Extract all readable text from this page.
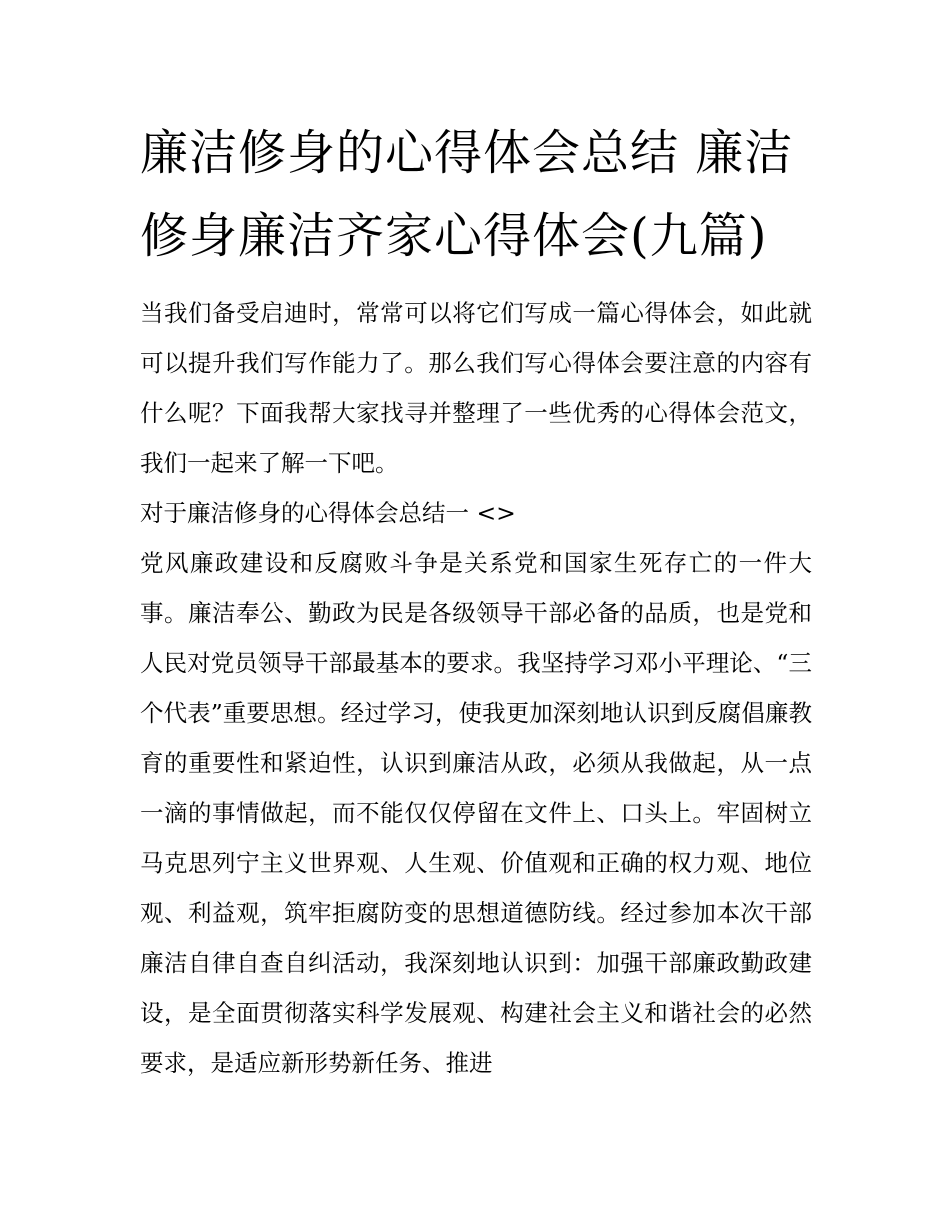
廉洁修身的心得体会总结 廉洁修身廉洁齐家心得体会(九篇)

当我们备受启迪时，常常可以将它们写成一篇心得体会，如此就可以提升我们写作能力了。那么我们写心得体会要注意的内容有什么呢？下面我帮大家找寻并整理了一些优秀的心得体会范文，我们一起来了解一下吧。

对于廉洁修身的心得体会总结一 <>

党风廉政建设和反腐败斗争是关系党和国家生死存亡的一件大事。廉洁奉公、勤政为民是各级领导干部必备的品质，也是党和人民对党员领导干部最基本的要求。我坚持学习邓小平理论、“三个代表”重要思想。经过学习，使我更加深刻地认识到反腐倡廉教育的重要性和紧迫性，认识到廉洁从政，必须从我做起，从一点一滴的事情做起，而不能仅仅停留在文件上、口头上。牢固树立马克思列宁主义世界观、人生观、价值观和正确的权力观、地位观、利益观，筑牢拒腐防变的思想道德防线。经过参加本次干部廉洁自律自查自纠活动，我深刻地认识到：加强干部廉政勤政建设，是全面贯彻落实科学发展观、构建社会主义和谐社会的必然要求，是适应新形势新任务、推进
